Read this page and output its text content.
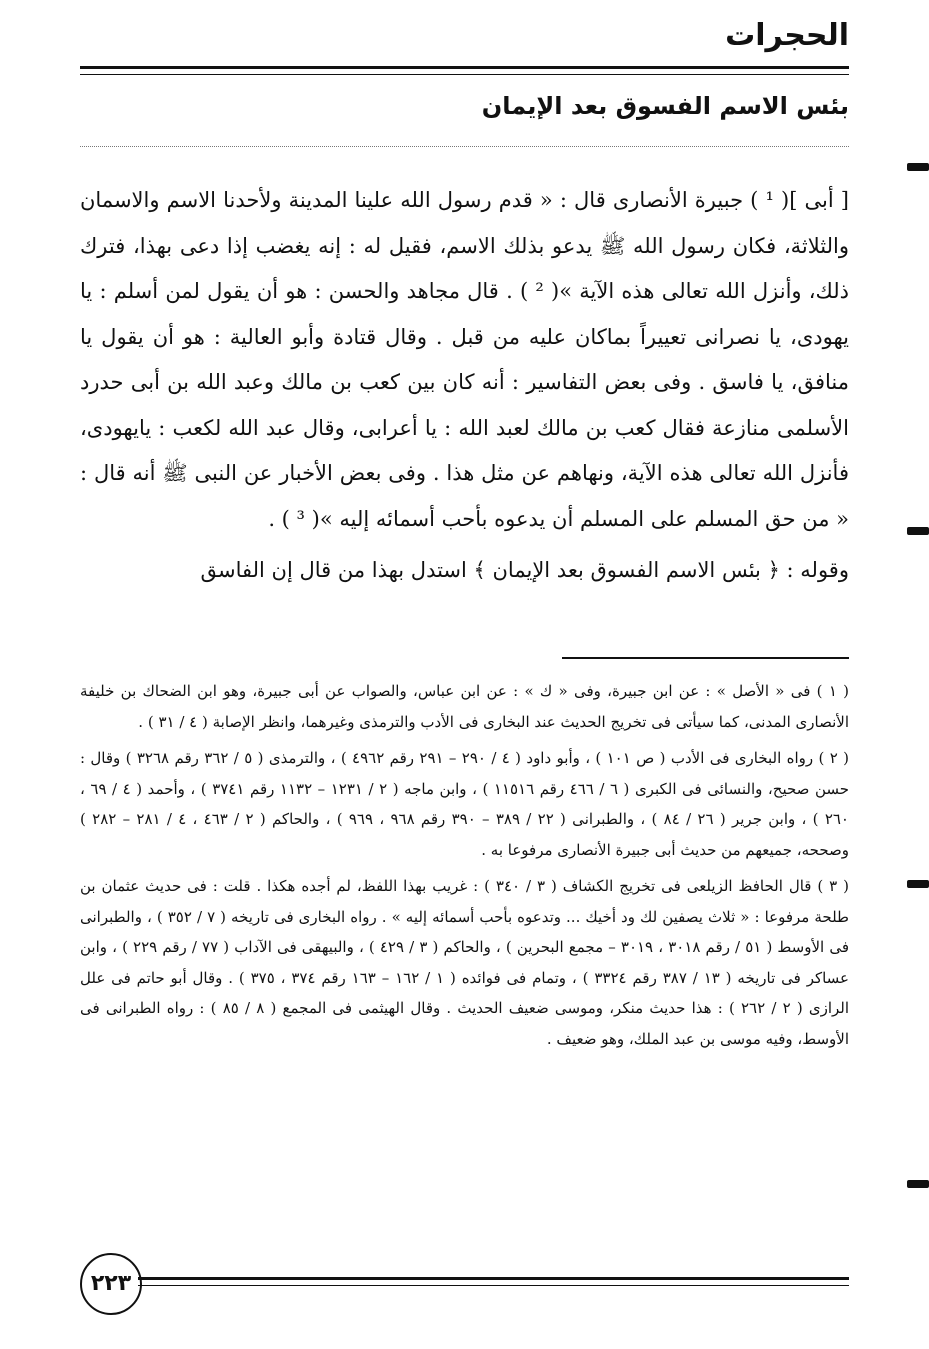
الحجرات
بئس الاسم الفسوق بعد الإيمان

[ أبى ]( ¹ ) جبيرة الأنصارى قال : « قدم رسول الله علينا المدينة ولأحدنا الاسم والاسمان والثلاثة، فكان رسول الله ﷺ يدعو بذلك الاسم، فقيل له : إنه يغضب إذا دعى بهذا، فترك ذلك، وأنزل الله تعالى هذه الآية »( ² ) . قال مجاهد والحسن : هو أن يقول لمن أسلم : يا يهودى، يا نصرانى تعييراً بماكان عليه من قبل . وقال قتادة وأبو العالية : هو أن يقول يا منافق، يا فاسق . وفى بعض التفاسير : أنه كان بين كعب بن مالك وعبد الله بن أبى حدرد الأسلمى منازعة فقال كعب بن مالك لعبد الله : يا أعرابى، وقال عبد الله لكعب : يايهودى، فأنزل الله تعالى هذه الآية، ونهاهم عن مثل هذا . وفى بعض الأخبار عن النبى ﷺ أنه قال : « من حق المسلم على المسلم أن يدعوه بأحب أسمائه إليه »( ³ ) .

وقوله : ﴿ بئس الاسم الفسوق بعد الإيمان ﴾ استدل بهذا من قال إن الفاسق

( ١ ) فى « الأصل » : عن ابن جبيرة، وفى « ك » : عن ابن عباس، والصواب عن أبى جبيرة، وهو ابن الضحاك بن خليفة الأنصارى المدنى، كما سيأتى فى تخريج الحديث عند البخارى فى الأدب والترمذى وغيرهما، وانظر الإصابة ( ٤ / ٣١ ) .

( ٢ ) رواه البخارى فى الأدب ( ص ١٠١ ) ، وأبو داود ( ٤ / ٢٩٠ – ٢٩١ رقم ٤٩٦٢ ) ، والترمذى ( ٥ / ٣٦٢ رقم ٣٢٦٨ ) وقال : حسن صحيح، والنسائى فى الكبرى ( ٦ / ٤٦٦ رقم ١١٥١٦ ) ، وابن ماجه ( ٢ / ١٢٣١ – ١١٣٢ رقم ٣٧٤١ ) ، وأحمد ( ٤ / ٦٩ ، ٢٦٠ ) ، وابن جرير ( ٢٦ / ٨٤ ) ، والطبرانى ( ٢٢ / ٣٨٩ – ٣٩٠ رقم ٩٦٨ ، ٩٦٩ ) ، والحاكم ( ٢ / ٤٦٣ ، ٤ / ٢٨١ – ٢٨٢ ) وصححه، جميعهم من حديث أبى جبيرة الأنصارى مرفوعا به .

( ٣ ) قال الحافظ الزيلعى فى تخريج الكشاف ( ٣ / ٣٤٠ ) : غريب بهذا اللفظ، لم أجده هكذا . قلت : فى حديث عثمان بن طلحة مرفوعا : « ثلاث يصفين لك ود أخيك ... وتدعوه بأحب أسمائه إليه » . رواه البخارى فى تاريخه ( ٧ / ٣٥٢ ) ، والطبرانى فى الأوسط ( ٥١ / رقم ٣٠١٨ ، ٣٠١٩ – مجمع البحرين ) ، والحاكم ( ٣ / ٤٢٩ ) ، والبيهقى فى الآداب ( ٧٧ / رقم ٢٢٩ ) ، وابن عساكر فى تاريخه ( ١٣ / ٣٨٧ رقم ٣٣٢٤ ) ، وتمام فى فوائده ( ١ / ١٦٢ – ١٦٣ رقم ٣٧٤ ، ٣٧٥ ) . وقال أبو حاتم فى علل الرازى ( ٢ / ٢٦٢ ) : هذا حديث منكر، وموسى ضعيف الحديث . وقال الهيثمى فى المجمع ( ٨ / ٨٥ ) : رواه الطبرانى فى الأوسط، وفيه موسى بن عبد الملك، وهو ضعيف .

٢٢٣
